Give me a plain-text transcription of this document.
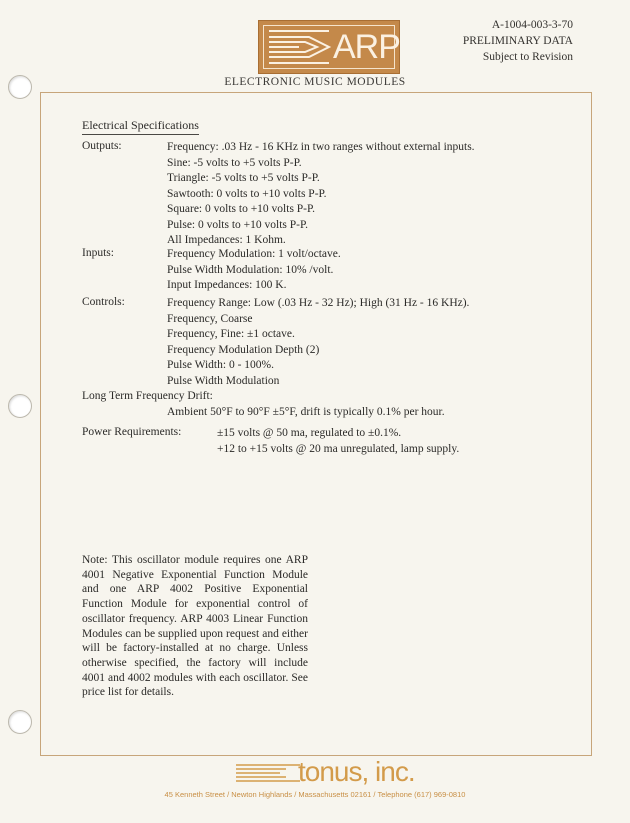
ARP
A-1004-003-3-70
PRELIMINARY DATA
Subject to Revision
ELECTRONIC MUSIC MODULES
Electrical Specifications
Outputs:	Frequency: .03 Hz - 16 KHz in two ranges without external inputs.
Sine: -5 volts to +5 volts P-P.
Triangle: -5 volts to +5 volts P-P.
Sawtooth: 0 volts to +10 volts P-P.
Square: 0 volts to +10 volts P-P.
Pulse: 0 volts to +10 volts P-P.
All Impedances: 1 Kohm.
Inputs:	Frequency Modulation: 1 volt/octave.
Pulse Width Modulation: 10% /volt.
Input Impedances: 100 K.
Controls:	Frequency Range: Low (.03 Hz - 32 Hz); High (31 Hz - 16 KHz).
Frequency, Coarse
Frequency, Fine: ±1 octave.
Frequency Modulation Depth (2)
Pulse Width: 0 - 100%.
Pulse Width Modulation
Long Term Frequency Drift:
Ambient 50°F to 90°F ±5°F, drift is typically 0.1% per hour.
Power Requirements:	±15 volts @ 50 ma, regulated to ±0.1%.
+12 to +15 volts @ 20 ma unregulated, lamp supply.
Note: This oscillator module requires one ARP 4001 Negative Exponential Function Module and one ARP 4002 Positive Exponential Function Module for exponential control of oscillator frequency. ARP 4003 Linear Function Modules can be supplied upon request and either will be factory-installed at no charge. Unless otherwise specified, the factory will include 4001 and 4002 modules with each oscillator. See price list for details.
tonus, inc.
45 Kenneth Street / Newton Highlands / Massachusetts 02161 / Telephone (617) 969-0810
